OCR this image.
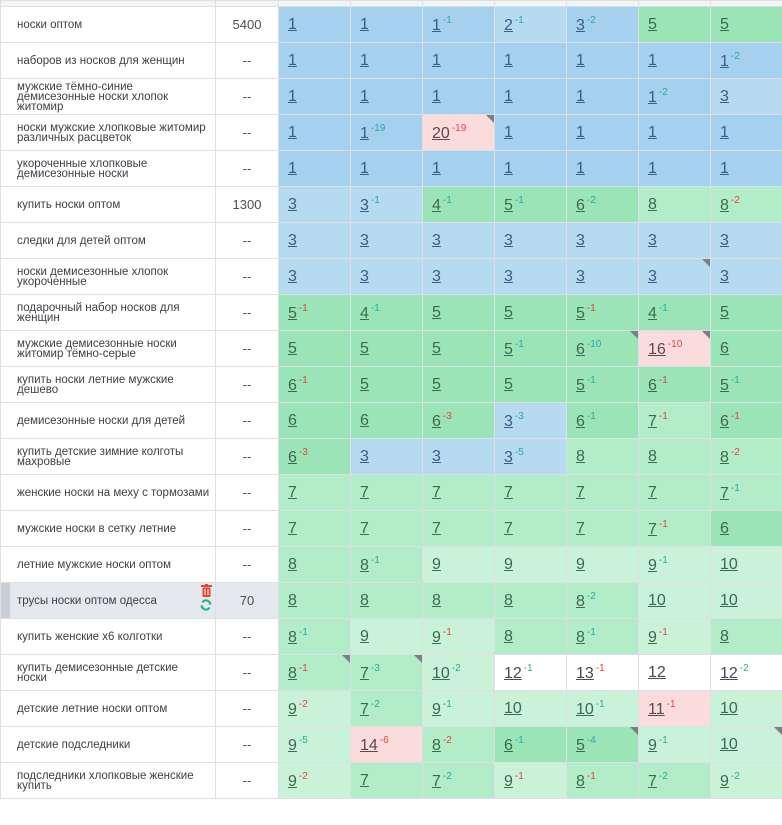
носки оптом	5400	1	1	1 $^{-1}$	2 $^{-1}$	3 $^{-2}$	5	5
наборов из носков для женщин	--	1	1	1	1	1	1	1 $^{-2}$
мужские тёмно-синие демисезонные носки хлопок житомир	--	1	1	1	1	1	1 $^{-2}$	3
носки мужские хлопковые житомир различных расцветок	--	1	1 $^{-19}$	20 $^{-19}$	1	1	1	1
укороченные хлопковые демисезонные носки	--	1	1	1	1	1	1	1
купить носки оптом	1300	3	3 $^{-1}$	4 $^{-1}$	5 $^{-1}$	6 $^{-2}$	8	8 $^{-2}$
следки для детей оптом	--	3	3	3	3	3	3	3
носки демисезонные хлопок укороченные	--	3	3	3	3	3	3	3
подарочный набор носков для женщин	--	5 $^{-1}$	4 $^{-1}$	5	5	5 $^{-1}$	4 $^{-1}$	5
мужские демисезонные носки житомир тёмно-серые	--	5	5	5	5 $^{-1}$	6 $^{-10}$	16 $^{-10}$	6
купить носки летние мужские дешево	--	6 $^{-1}$	5	5	5	5 $^{-1}$	6 $^{-1}$	5 $^{-1}$
демисезонные носки для детей	--	6	6	6 $^{-3}$	3 $^{-3}$	6 $^{-1}$	7 $^{-1}$	6 $^{-1}$
купить детские зимние колготы махровые	--	6 $^{-3}$	3	3	3 $^{-5}$	8	8	8 $^{-2}$
женские носки на меху с тормозами	--	7	7	7	7	7	7	7 $^{-1}$
мужские носки в сетку летние	--	7	7	7	7	7	7 $^{-1}$	6
летние мужские носки оптом	--	8	8 $^{-1}$	9	9	9	9 $^{-1}$	10
трусы носки оптом одесса	70	8	8	8	8	8 $^{-2}$	10	10
купить женские х6 колготки	--	8 $^{-1}$	9	9 $^{-1}$	8	8 $^{-1}$	9 $^{-1}$	8
купить демисезонные детские носки	--	8 $^{-1}$	7 $^{-3}$	10 $^{-2}$	12 $^{-1}$	13 $^{-1}$	12	12 $^{-2}$
детские летние носки оптом	--	9 $^{-2}$	7 $^{-2}$	9 $^{-1}$	10	10 $^{-1}$	11 $^{-1}$	10
детские подследники	--	9 $^{-5}$	14 $^{-6}$	8 $^{-2}$	6 $^{-1}$	5 $^{-4}$	9 $^{-1}$	10

подследники хлопковые женские купить	--	9 $^{-2}$	7	7 $^{-2}$	9 $^{-1}$	8 $^{-1}$	7 $^{-2}$	9 $^{-2}$
